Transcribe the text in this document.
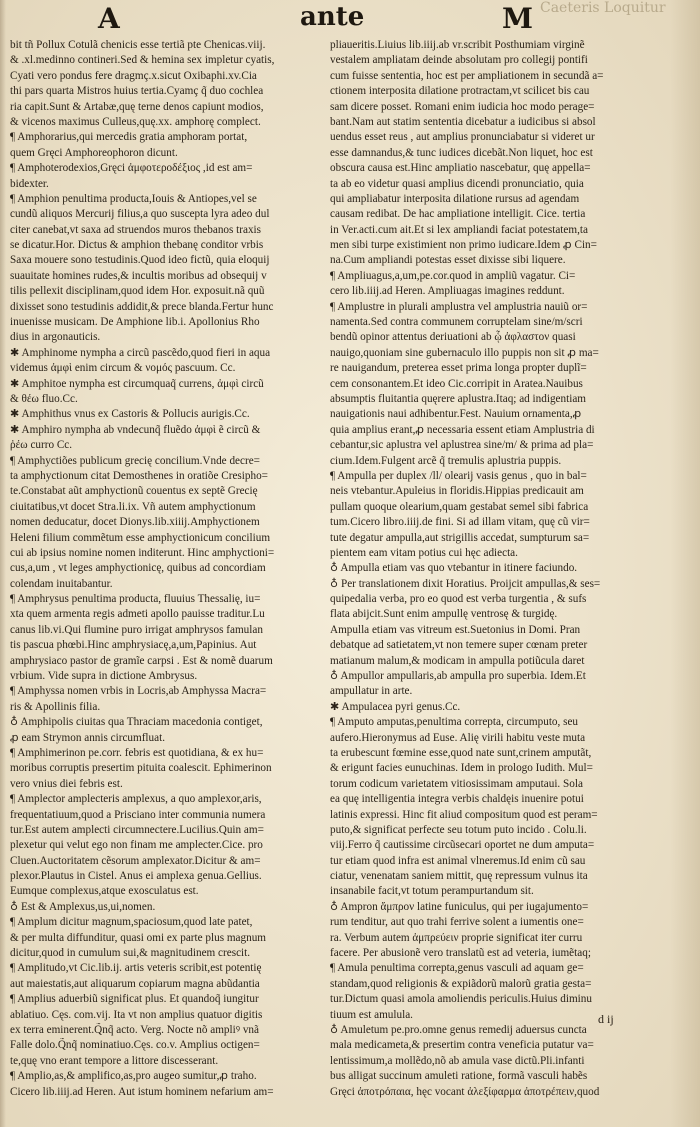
A	ante	M Caeteris Loquitur
bit tñ Pollux Cotulã chenicis esse tertiã pte Chenicas.viij.
& .xl.medinno contineri.Sed & hemina sex impletur cyatis,
Cyati vero pondus fere dragmç.x.sicut Oxibaphi.xv.Cia
thi pars quarta Mistros huius tertia.Cyamç q̃ duo cochlea
ria capit.Sunt & Artabæ,quę terne denos capiunt modios,
& vicenos maximus Culleus,quę.xx. amphorę complect.
¶ Amphorarius,qui mercedis gratia amphoram portat,
quem Gręci Amphoreophoron dicunt.
¶ Amphoterodexios,Gręci ἀμφοτεροδέξιος ,id est am=
bidexter.
¶ Amphion penultima producta,Iouis & Antiopes,vel se
cundũ aliquos Mercurij filius,a quo suscepta lyra adeo dul
citer canebat,vt saxa ad struendos muros thebanos traxis
se dicatur.Hor. Dictus & amphion thebanę conditor vrbis
Saxa mouere sono testudinis.Quod ideo fictũ, quia eloquij
suauitate homines rudes,& incultis moribus ad obsequij v
tilis pellexit disciplinam,quod idem Hor. exposuit.nã quũ
dixisset sono testudinis addidit,& prece blanda.Fertur hunc
inuenisse musicam. De Amphione lib.i. Apollonius Rho
dius in argonauticis.
✱ Amphinome nympha a circũ pascẽdo,quod fieri in aqua
videmus ἀμφὶ enim circum & νομός pascuum. Cc.
✱ Amphitoe nympha est circumquaq̃ currens, ἀμφὶ circũ
& θέω fluo.Cc.
✱ Amphithus vnus ex Castoris & Pollucis aurigis.Cc.
✱ Amphiro nympha ab vndecunq̃ fluẽdo ἀμφὶ ẽ circũ &
ῥέω curro Cc.
¶ Amphyctiões publicum grecię concilium.Vnde decre=
ta amphyctionum citat Demosthenes in oratiõe Cresipho=
te.Constabat aũt amphyctionũ couentus ex septẽ Grecię
ciuitatibus,vt docet Stra.li.ix. Vñ autem amphyctionum
nomen deducatur, docet Dionys.lib.xiiij.Amphyctionem
Heleni filium commẽtum esse amphyctionicum concilium
cui ab ipsius nomine nomen inditerunt. Hinc amphyctioni=
cus,a,um , vt leges amphyctionicę, quibus ad concordiam
colendam inuitabantur.
¶ Amphrysus penultima producta, fluuius Thessalię, iu=
xta quem armenta regis admeti apollo pauisse traditur.Lu
canus lib.vi.Qui flumine puro irrigat amphrysos famulan
tis pascua phœbi.Hinc amphrysiacę,a,um,Papinius. Aut
amphrysiaco pastor de gramĩe carpsi . Est & nomẽ duarum
vrbium. Vide supra in dictione Ambrysus.
¶ Amphyssa nomen vrbis in Locris,ab Amphyssa Macra=
ris & Apollinis filia.
♁ Amphipolis ciuitas qua Thraciam macedonia contiget,
ꝓ eam Strymon annis circumfluat.
¶ Amphimerinon pe.corr. febris est quotidiana, & ex hu=
moribus corruptis presertim pituita coalescit. Ephimerinon
vero vnius diei febris est.
¶ Amplector amplecteris amplexus, a quo amplexor,aris,
frequentatiuum,quod a Prisciano inter communia numera
tur.Est autem amplecti circumnectere.Lucilius.Quin am=
plexetur qui velut ego non finam me amplecter.Cice. pro
Cluen.Auctoritatem cẽsorum amplexator.Dicitur & am=
plexor.Plautus in Cistel. Anus ei amplexa genua.Gellius.
Eumque complexus,atque exosculatus est.
♁ Est & Amplexus,us,ui,nomen.
¶ Amplum dicitur magnum,spaciosum,quod late patet,
& per multa diffunditur, quasi omi ex parte plus magnum
dicitur,quod in cumulum sui,& magnitudinem crescit.
¶ Amplitudo,vt Cic.lib.ij. artis veteris scribit,est potentię
aut maiestatis,aut aliquarum copiarum magna abũdantia
¶ Amplius aduerbiũ significat plus. Et quandoq̃ iungitur
ablatiuo. Cęs. com.vij. Ita vt non amplius quatuor digitis
ex terra eminerent.Q̃nq̃ acto. Verg. Nocte nõ ampliꝰ vnã
Falle dolo.Q̃nq̃ nominatiuo.Cęs. co.v. Amplius octigen=
te,quę vno erant tempore a littore discesserant.
¶ Amplio,as,& amplifico,as,pro augeo sumitur,ꝓ traho.
Cicero lib.iiij.ad Heren. Aut istum hominem nefarium am=
pliaueritis.Liuius lib.iiij.ab vr.scribit Posthumiam virginẽ
vestalem ampliatam deinde absolutam pro collegij pontifi
cum fuisse sententia, hoc est per ampliationem in secundã a=
ctionem interposita dilatione protractam,vt scilicet bis cau
sam dicere posset. Romani enim iudicia hoc modo perage=
bant.Nam aut statim sententia dicebatur a iudicibus si absol
uendus esset reus , aut amplius pronunciabatur si videret ur
esse damnandus,& tunc iudices dicebãt.Non liquet, hoc est
obscura causa est.Hinc ampliatio nascebatur, quę appella=
ta ab eo videtur quasi amplius dicendi pronunciatio, quia
qui ampliabatur interposita dilatione rursus ad agendam
causam redibat. De hac ampliatione intelligit. Cice. tertia
in Ver.acti.cum ait.Et si lex ampliandi faciat potestatem,ta
men sibi turpe existimient non primo iudicare.Idem ꝓ Cin=
na.Cum ampliandi potestas esset dixisse sibi liquere.
¶ Ampliuagus,a,um,pe.cor.quod in ampliũ vagatur. Ci=
cero lib.iiij.ad Heren. Ampliuagas imagines reddunt.
¶ Amplustre in plurali amplustra vel amplustria nauiũ or=
namenta.Sed contra communem corruptelam sine/m/scri
bendũ opinor attentus deriuationi ab ᾧ ἀφλαστον quasi
nauigo,quoniam sine gubernaculo illo puppis non sit ꝓ ma=
re nauigandum, preterea esset prima longa propter duplĩ=
cem consonantem.Et ideo Cic.corripit in Aratea.Nauibus
absumptis fluitantia quęrere aplustra.Itaq; ad indigentiam
nauigationis naui adhibentur.Fest. Nauium ornamenta,ꝓ
quia amplius erant,ꝓ necessaria essent etiam Amplustria di
cebantur,sic aplustra vel aplustrea sine/m/ & prima ad pla=
cium.Idem.Fulgent arcẽ q̃ tremulis aplustria puppis.
¶ Ampulla per duplex /ll/ olearij vasis genus , quo in bal=
neis vtebantur.Apuleius in floridis.Hippias predicauit am
pullam quoque olearium,quam gestabat semel sibi fabrica
tum.Cicero libro.iiij.de fini. Si ad illam vitam, quę cũ vir=
tute degatur ampulla,aut strigillis accedat, sumpturum sa=
pientem eam vitam potius cui hęc adiecta.
♁ Ampulla etiam vas quo vtebantur in itinere faciundo.
♁ Per translationem dixit Horatius. Proijcit ampullas,& ses=
quipedalia verba, pro eo quod est verba turgentia , & sufs
flata abijcit.Sunt enim ampullę ventrosę & turgidę.
Ampulla etiam vas vitreum est.Suetonius in Domi. Pran
debatque ad satietatem,vt non temere super cœnam preter
matianum malum,& modicam in ampulla potiũcula daret
♁ Ampullor ampullaris,ab ampulla pro superbia. Idem.Et
ampullatur in arte.
✱ Ampulacea pyri genus.Cc.
¶ Amputo amputas,penultima correpta, circumputo, seu
aufero.Hieronymus ad Euse. Alię virili habitu veste muta
ta erubescunt fœmine esse,quod nate sunt,crinem amputãt,
& erigunt facies eunuchinas. Idem in prologo Iudith. Mul=
torum codicum varietatem vitiosissimam amputaui. Sola
ea quę intelligentia integra verbis chaldęis inuenire potui
latinis expressi. Hinc fit aliud compositum quod est peram=
puto,& significat perfecte seu totum puto incido . Colu.li.
viij.Ferro q̃ cautissime circũsecari oportet ne dum amputa=
tur etiam quod infra est animal vlneremus.Id enim cũ sau
ciatur, venenatam saniem mittit, quę repressum vulnus ita
insanabile facit,vt totum perampurtandum sit.
♁ Ampron ἄμπρον latine funiculus, qui per iugajumento=
rum tenditur, aut quo trahi ferrive solent a iumentis one=
ra. Verbum autem ἀμπρεύειν proprie significat iter curru
facere. Per abusionẽ vero translatũ est ad veteria, iumẽtaq;
¶ Amula penultima correpta,genus vasculi ad aquam ge=
standam,quod religionis & expiãdorũ malorũ gratia gesta=
tur.Dictum quasi amola amoliendis periculis.Huius diminu
tiuum est amulula.
♁ Amuletum pe.pro.omne genus remedij aduersus cuncta
mala medicameta,& presertim contra veneficia putatur va=
lentissimum,a mollẽdo,nõ ab amula vase dictũ.Pli.infanti
bus alligat succinum amuleti ratione, formã vasculi habẽs
Gręci ἀποτρόπαια, hęc vocant ἀλεξίφαρμα ἀποτρέπειν,quod
d ij
